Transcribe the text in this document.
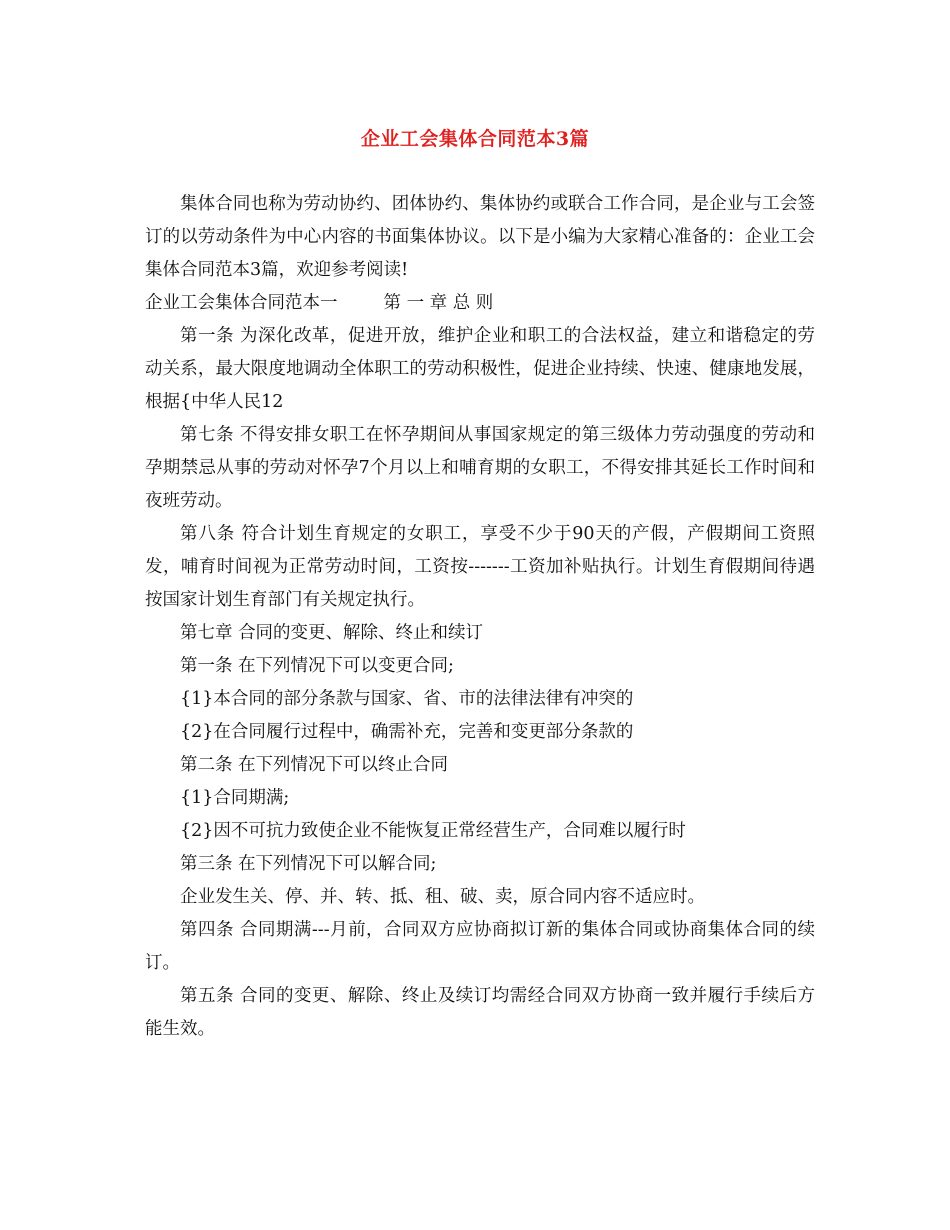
企业工会集体合同范本3篇

集体合同也称为劳动协约、团体协约、集体协约或联合工作合同，是企业与工会签订的以劳动条件为中心内容的书面集体协议。以下是小编为大家精心准备的：企业工会集体合同范本3篇，欢迎参考阅读!

企业工会集体合同范本一	第 一 章 总 则

第一条 为深化改革，促进开放，维护企业和职工的合法权益，建立和谐稳定的劳动关系，最大限度地调动全体职工的劳动积极性，促进企业持续、快速、健康地发展，根据{中华人民12

第七条 不得安排女职工在怀孕期间从事国家规定的第三级体力劳动强度的劳动和孕期禁忌从事的劳动对怀孕7个月以上和哺育期的女职工，不得安排其延长工作时间和夜班劳动。

第八条 符合计划生育规定的女职工，享受不少于90天的产假，产假期间工资照发，哺育时间视为正常劳动时间，工资按-------工资加补贴执行。计划生育假期间待遇按国家计划生育部门有关规定执行。

第七章 合同的变更、解除、终止和续订

第一条 在下列情况下可以变更合同;

{1}本合同的部分条款与国家、省、市的法律法律有冲突的

{2}在合同履行过程中，确需补充，完善和变更部分条款的

第二条 在下列情况下可以终止合同

{1}合同期满;

{2}因不可抗力致使企业不能恢复正常经营生产，合同难以履行时

第三条 在下列情况下可以解合同;

企业发生关、停、并、转、抵、租、破、卖，原合同内容不适应时。

第四条 合同期满---月前，合同双方应协商拟订新的集体合同或协商集体合同的续订。

第五条 合同的变更、解除、终止及续订均需经合同双方协商一致并履行手续后方能生效。
